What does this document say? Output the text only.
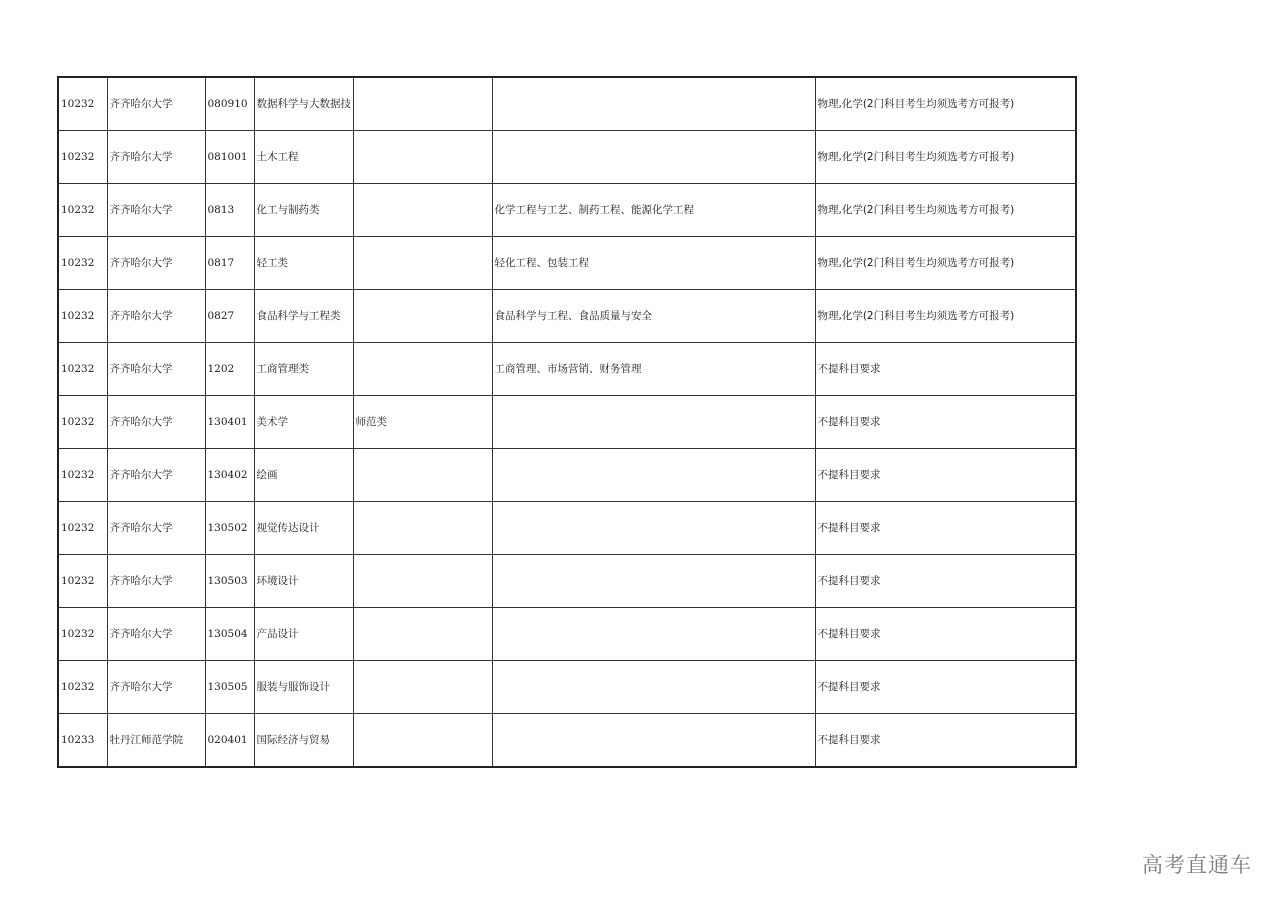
10232	齐齐哈尔大学	080910	数据科学与大数据技			物理,化学(2门科目考生均须选考方可报考)
10232	齐齐哈尔大学	081001	土木工程			物理,化学(2门科目考生均须选考方可报考)
10232	齐齐哈尔大学	0813	化工与制药类		化学工程与工艺、制药工程、能源化学工程	物理,化学(2门科目考生均须选考方可报考)
10232	齐齐哈尔大学	0817	轻工类		轻化工程、包装工程	物理,化学(2门科目考生均须选考方可报考)
10232	齐齐哈尔大学	0827	食品科学与工程类		食品科学与工程、食品质量与安全	物理,化学(2门科目考生均须选考方可报考)
10232	齐齐哈尔大学	1202	工商管理类		工商管理、市场营销、财务管理	不提科目要求
10232	齐齐哈尔大学	130401	美术学	师范类		不提科目要求
10232	齐齐哈尔大学	130402	绘画			不提科目要求
10232	齐齐哈尔大学	130502	视觉传达设计			不提科目要求
10232	齐齐哈尔大学	130503	环境设计			不提科目要求
10232	齐齐哈尔大学	130504	产品设计			不提科目要求
10232	齐齐哈尔大学	130505	服装与服饰设计			不提科目要求
10233	牡丹江师范学院	020401	国际经济与贸易			不提科目要求
高考直通车
